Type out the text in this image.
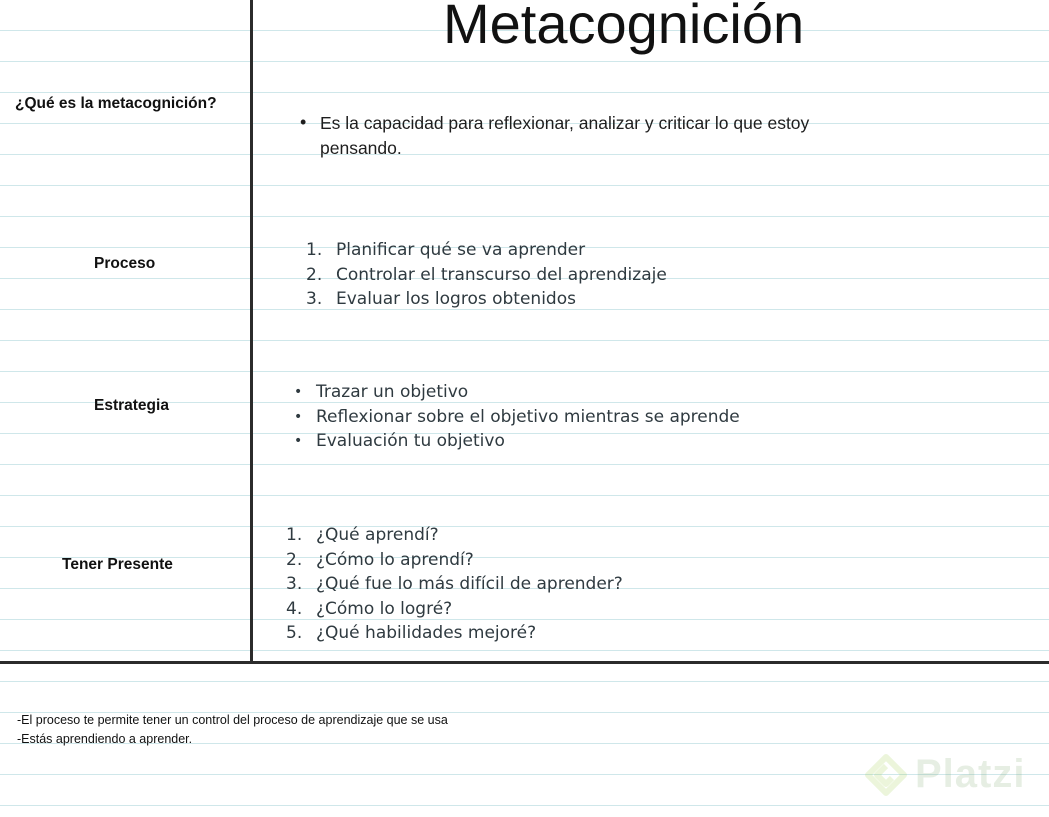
Metacognición
¿Qué es la metacognición?
Proceso
Estrategia
Tener Presente
• Es la capacidad para reflexionar, analizar y criticar lo que estoy pensando.
1. Planificar qué se va aprender
2. Controlar el transcurso del aprendizaje
3. Evaluar los logros obtenidos
• Trazar un objetivo
• Reflexionar sobre el objetivo mientras se aprende
• Evaluación tu objetivo
1. ¿Qué aprendí?
2. ¿Cómo lo aprendí?
3. ¿Qué fue lo más difícil de aprender?
4. ¿Cómo lo logré?
5. ¿Qué habilidades mejoré?
-El proceso te permite tener un control del proceso de aprendizaje que se usa
-Estás aprendiendo a aprender.
Platzi
